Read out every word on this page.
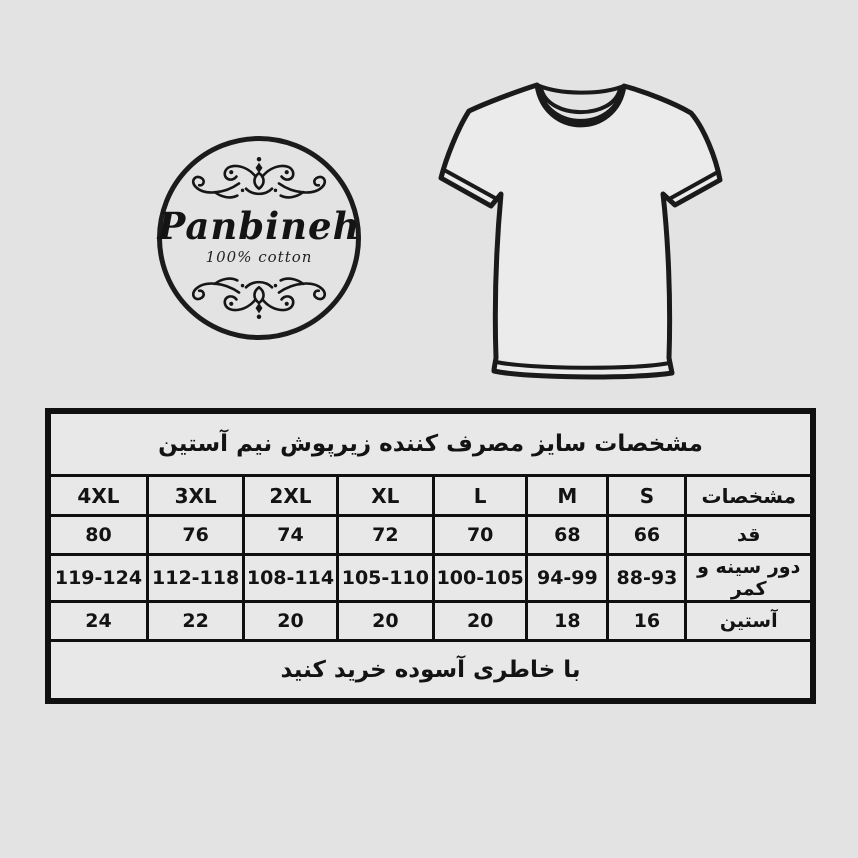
Panbineh
100% cotton
مشخصات سایز مصرف کننده زیرپوش نیم آستین							
4XL	3XL	2XL	XL	L	M	S	مشخصات
80	76	74	72	70	68	66	قد
119-124	112-118	108-114	105-110	100-105	94-99	88-93	دور سینه و کمر
24	22	20	20	20	18	16	آستین
با خاطری آسوده خرید کنید							
